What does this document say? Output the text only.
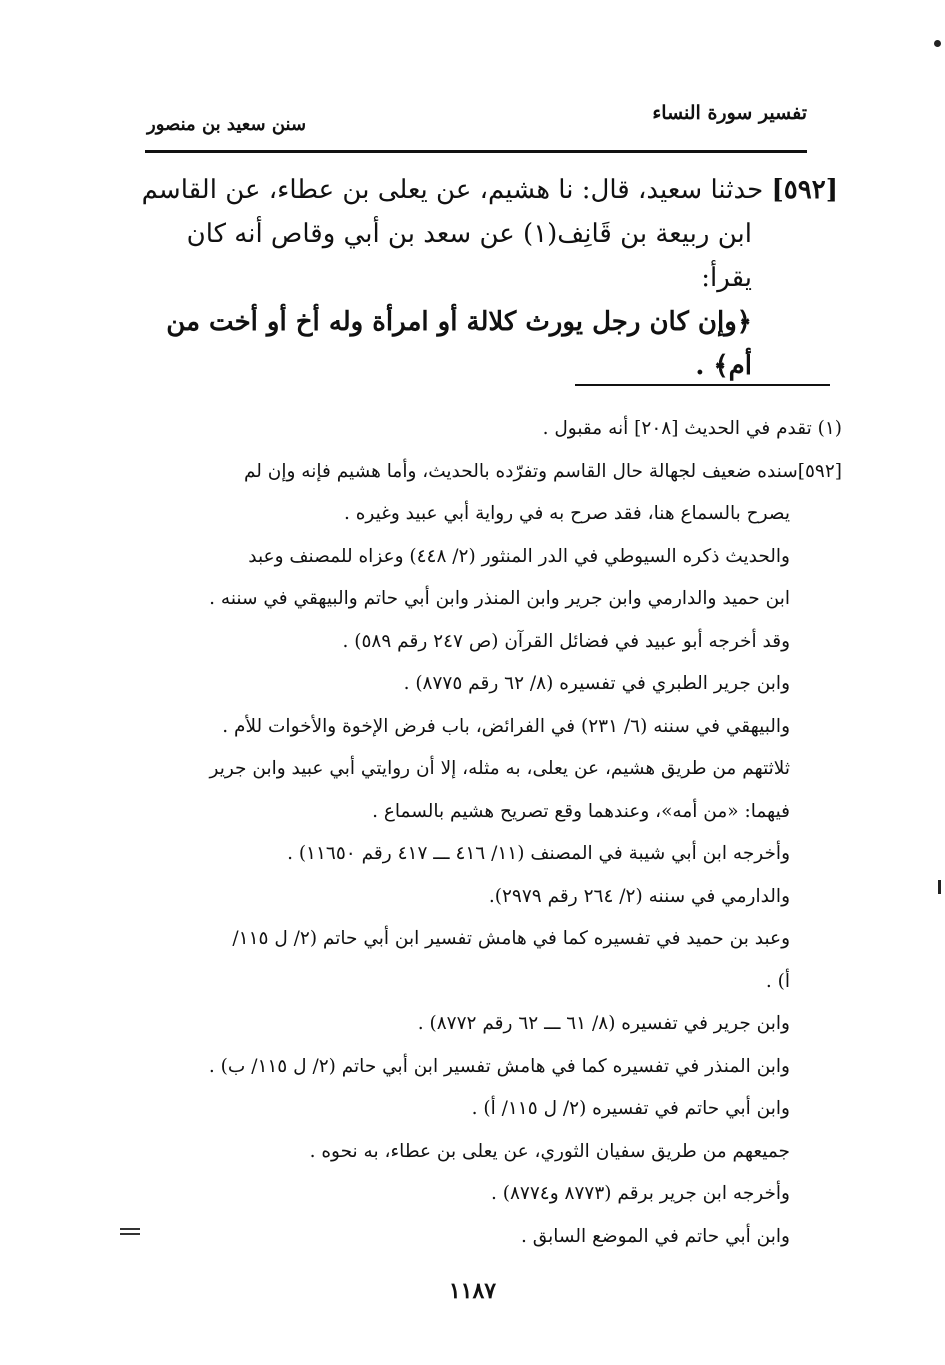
تفسير سورة النساء
سنن سعيد بن منصور

[٥٩٢] حدثنا سعيد، قال: نا هشيم، عن يعلى بن عطاء، عن القاسم

ابن ربيعة بن قَانِف(١) عن سعد بن أبي وقاص أنه كان يقرأ:

﴿وإن كان رجل يورث كلالة أو امرأة وله أخ أو أخت من

أم﴾ .

(١) تقدم في الحديث [٢٠٨] أنه مقبول .

[٥٩٢]سنده ضعيف لجهالة حال القاسم وتفرّده بالحديث، وأما هشيم فإنه وإن لم

يصرح بالسماع هنا، فقد صرح به في رواية أبي عبيد وغيره .

والحديث ذكره السيوطي في الدر المنثور (٢/ ٤٤٨) وعزاه للمصنف وعبد

ابن حميد والدارمي وابن جرير وابن المنذر وابن أبي حاتم والبيهقي في سننه .

وقد أخرجه أبو عبيد في فضائل القرآن (ص ٢٤٧ رقم ٥٨٩) .

وابن جرير الطبري في تفسيره (٨/ ٦٢ رقم ٨٧٧٥) .

والبيهقي في سننه (٦/ ٢٣١) في الفرائض، باب فرض الإخوة والأخوات للأم .

ثلاثتهم من طريق هشيم، عن يعلى، به مثله، إلا أن روايتي أبي عبيد وابن جرير

فيهما: «من أمه»، وعندهما وقع تصريح هشيم بالسماع .

وأخرجه ابن أبي شيبة في المصنف (١١/ ٤١٦ ـــ ٤١٧ رقم ١١٦٥٠) .

والدارمي في سننه (٢/ ٢٦٤ رقم ٢٩٧٩).

وعبد بن حميد في تفسيره كما في هامش تفسير ابن أبي حاتم (٢/ ل ١١٥/

أ) .

وابن جرير في تفسيره (٨/ ٦١ ـــ ٦٢ رقم ٨٧٧٢) .

وابن المنذر في تفسيره كما في هامش تفسير ابن أبي حاتم (٢/ ل ١١٥/ ب) .

وابن أبي حاتم في تفسيره (٢/ ل ١١٥/ أ) .

جميعهم من طريق سفيان الثوري، عن يعلى بن عطاء، به نحوه .

وأخرجه ابن جرير برقم (٨٧٧٣ و٨٧٧٤) .

وابن أبي حاتم في الموضع السابق .

١١٨٧
